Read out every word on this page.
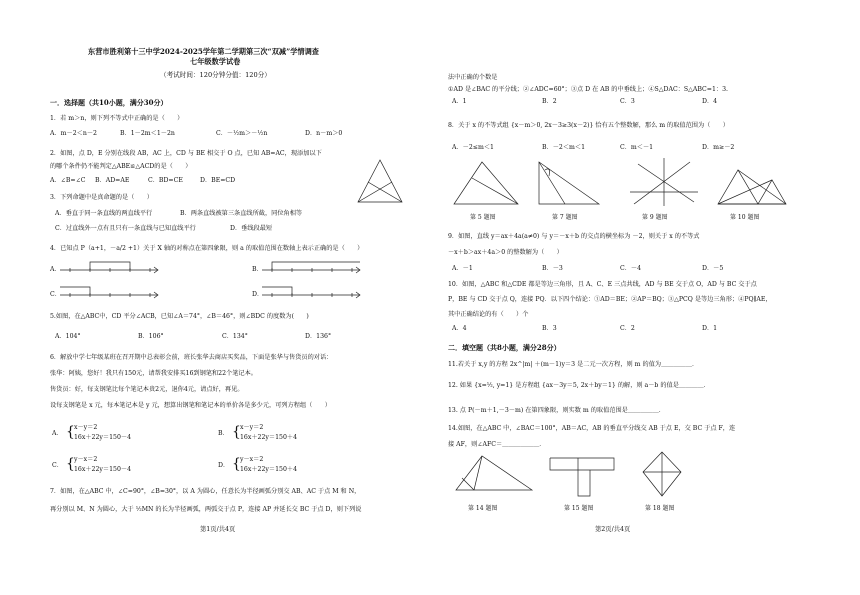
东营市胜利第十三中学2024-2025学年第二学期第三次“双减”学情调查
七年级数学试卷
（考试时间：120分钟分值：120分）
一．选择题（共10小题，满分30分）
1．若 m＞n，则下列不等式中正确的是（　　）
A．m－2＜n－2	B．1－2m＜1－2n	C．－½m＞－½n	D．n－m＞0
2．如图，点 D，E 分别在线段 AB，AC 上，CD 与 BE 相交于 O 点，已知 AB=AC，现添加以下
的哪个条件仍不能判定△ABE≌△ACD的是（　　）
A．∠B=∠C B．AD=AE	C．BD=CE	D．BE=CD
3．下列命题中是真命题的是（　　）
A．垂直于同一条直线的两直线平行	B．两条直线被第三条直线所截，同位角相等
C．过直线外一点有且只有一条直线与已知直线平行	D．垂线段最短
4．已知点 P（a+1，－a/2 +1）关于 X 轴的对称点在第四象限，则 a 的取值范围在数轴上表示正确的是（　　）
A．	B．
C．	D．
5.如图，在△ABC中，CD 平分∠ACB，已知∠A＝74°，∠B＝46°，则∠BDC 的度数为(　　)
A．104°	B．106°	C．134°	D．136°
6．解放中学七年级某班在召开期中总表彰会前，班长张华去商店买奖品，下面是张华与售货员的对话：
张华：阿姨，您好！我只有150元，请帮我安排买16到钢笔和22个笔记本。
售货员：好，每支钢笔比每个笔记本贵2元，退你4元，请点好，再见。
设每支钢笔是 x 元，每本笔记本是 y 元，想算出钢笔和笔记本的单价各是多少元，可列方程组（　　）
A． { x－y＝2
16x＋22y＝150－4
B． { x－y＝2
16x＋22y＝150＋4
C． { y－x＝2
16x＋22y＝150－4
D． { y－x＝2
16x＋22y＝150＋4
7．如图，在△ABC 中，∠C=90°，∠B=30°，以 A 为圆心，任意长为半径画弧分别交 AB、AC 于点 M 和 N，
再分别以 M、N 为圆心，大于 ½MN 的长为半径画弧，两弧交于点 P，连接 AP 并延长交 BC 于点 D，则下列说
第1页/共4页
法中正确的个数是
①AD 是∠BAC 的平分线；②∠ADC=60°；③点 D 在 AB 的中垂线上；④S△DAC：S△ABC=1：3.
A．1	B．2	C．3	D．4
8．关于 x 的不等式组 {x－m＞0, 2x－3≥3(x－2)} 恰有五个整数解，那么 m 的取值范围为（　　）
A．－2≤m＜1	B．－2＜m＜1	C．m＜－1	D．m≥－2
第 5 题图	第 7 题图	第 9 题图	第 10 题图
9．如图，直线 y＝ax＋4a(a≠0) 与 y＝－x＋b 的交点的横坐标为 －2，则关于 x 的不等式
－x＋b＞ax＋4a＞0 的整数解为（　　）
A．－1	B．－3	C．－4	D．－5
10．如图，△ABC 和△CDE 都是等边三角形，且 A、C、E 三点共线，AD 与 BE 交于点 O，AD 与 BC 交于点
P，BE 与 CD 交于点 Q，连接 PQ．以下四个结论：①AD＝BE；②AP＝BQ；③△PCQ 是等边三角形；④PQ∥AE，
其中正确结论的有（　　）个
A．4	B．3	C．2	D．1
二．填空题（共8小题，满分28分）
11.若关于 x,y 的方程 2x^|m| ＋(m－1)y＝3 是二元一次方程，则 m 的值为＿＿＿＿＿．
12. 如果 {x=½, y=1} 是方程组 {ax－3y＝5, 2x＋by＝1} 的解，则 a－b 的值是＿＿＿＿．
13. 点 P(－m＋1,－3－m) 在第四象限，则实数 m 的取值范围是＿＿＿＿＿．
14.如图，在△ABC 中，∠BAC＝100°，AB＝AC，AB 的垂直平分线交 AB 于点 E，交 BC 于点 F，连
接 AF，则∠AFC＝＿＿＿＿＿＿．
第 14 题图	第 15 题图	第 18 题图
第2页/共4页
